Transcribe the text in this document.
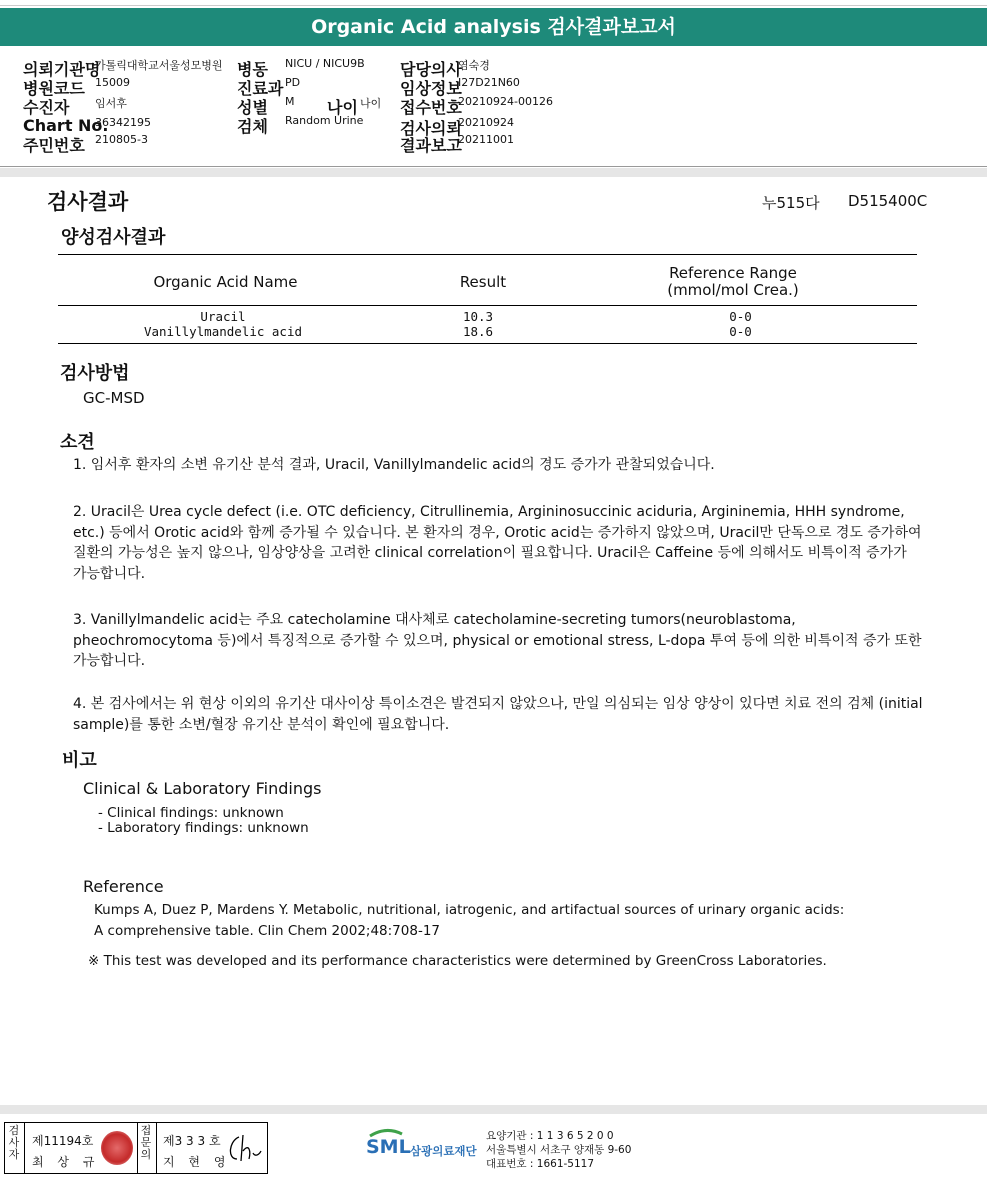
Organic Acid analysis 검사결과보고서
의뢰기관명
가톨릭대학교서울성모병원
병원코드 15009
수진자 임서후
Chart No.
36342195
주민번호 210805-3
병동 NICU / NICU9B
진료과 PD
성별 M 나이 나이
검체 Random Urine
담당의사
염숙경
임상정보
I27D21N60
접수번호
20210924-00126
검사의뢰
20210924
결과보고
20211001
검사결과	누515다 D515400C
양성검사결과
Organic Acid Name	Result	Reference Range
(mmol/mol Crea.)
Uracil	10.3	0-0
Vanillylmandelic acid	18.6	0-0
검사방법
GC-MSD
소견
1. 임서후 환자의 소변 유기산 분석 결과, Uracil, Vanillylmandelic acid의 경도 증가가 관찰되었습니다.
2. Uracil은 Urea cycle defect (i.e. OTC deficiency, Citrullinemia, Argininosuccinic aciduria, Argininemia, HHH syndrome, etc.) 등에서 Orotic acid와 함께 증가될 수 있습니다. 본 환자의 경우, Orotic acid는 증가하지 않았으며, Uracil만 단독으로 경도 증가하여 질환의 가능성은 높지 않으나, 임상양상을 고려한 clinical correlation이 필요합니다. Uracil은 Caffeine 등에 의해서도 비특이적 증가가 가능합니다.
3. Vanillylmandelic acid는 주요 catecholamine 대사체로 catecholamine-secreting tumors(neuroblastoma, pheochromocytoma 등)에서 특징적으로 증가할 수 있으며, physical or emotional stress, L-dopa 투여 등에 의한 비특이적 증가 또한 가능합니다.
4. 본 검사에서는 위 현상 이외의 유기산 대사이상 특이소견은 발견되지 않았으나, 만일 의심되는 임상 양상이 있다면 치료 전의 검체 (initial sample)를 통한 소변/혈장 유기산 분석이 확인에 필요합니다.
비고
Clinical & Laboratory Findings
- Clinical findings: unknown
- Laboratory findings: unknown
Reference
Kumps A, Duez P, Mardens Y. Metabolic, nutritional, iatrogenic, and artifactual sources of urinary organic acids:
A comprehensive table. Clin Chem 2002;48:708-17
※ This test was developed and its performance characteristics were determined by GreenCross Laboratories.
검
사
자
제11194호
최 상 규
접
문
의
제3 3 3 호
지 현 영
SML 삼광의료재단
요양기관 : 1 1 3 6 5 2 0 0
서울특별시 서초구 양재동 9-60
대표번호 : 1661-5117
